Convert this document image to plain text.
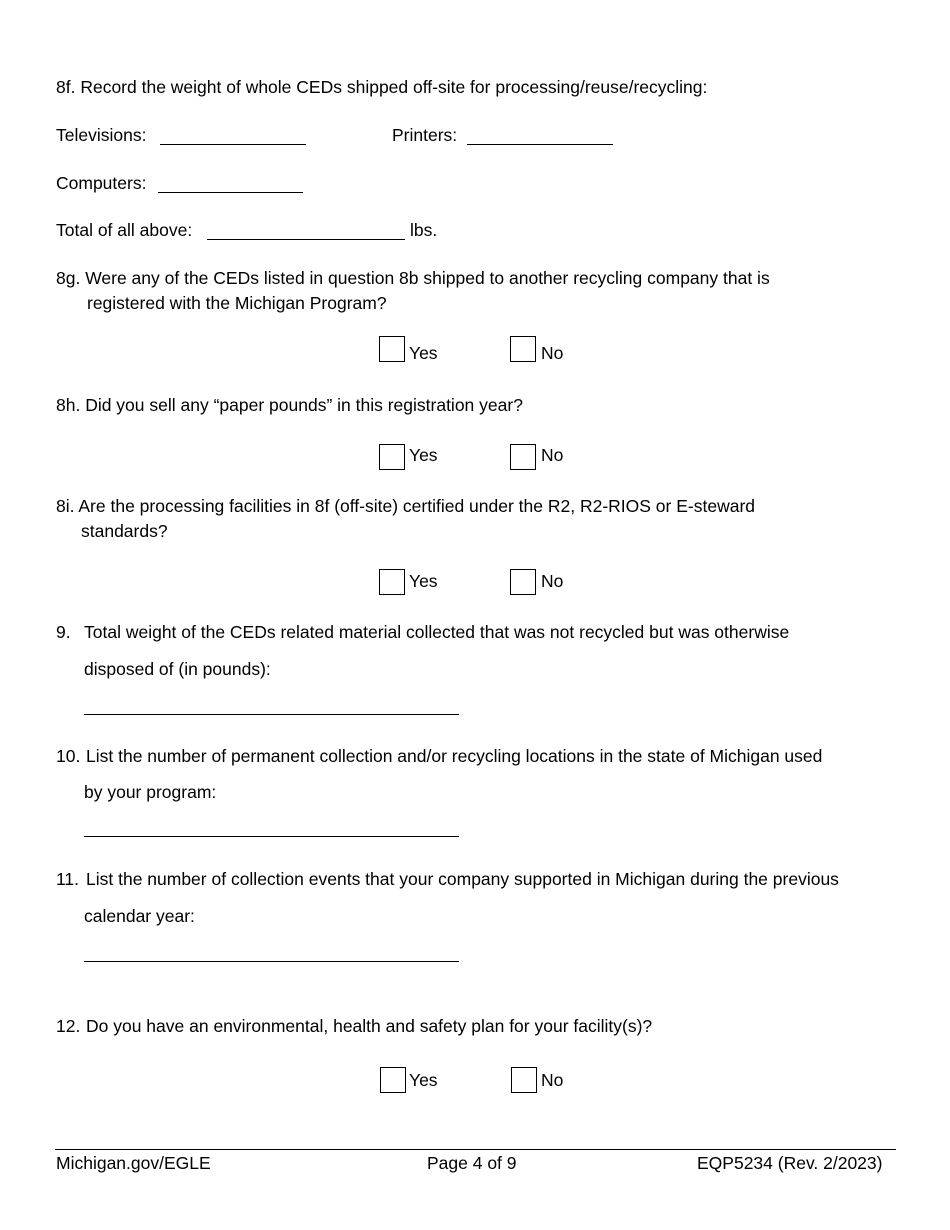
8f. Record the weight of whole CEDs shipped off-site for processing/reuse/recycling:
Televisions:	Printers:
Computers:
Total of all above:	lbs.
8g. Were any of the CEDs listed in question 8b shipped to another recycling company that is
registered with the Michigan Program?
Yes	No
8h. Did you sell any “paper pounds” in this registration year?
Yes	No
8i. Are the processing facilities in 8f (off-site) certified under the R2, R2-RIOS or E-steward
standards?
Yes	No
9. Total weight of the CEDs related material collected that was not recycled but was otherwise
disposed of (in pounds):
10. List the number of permanent collection and/or recycling locations in the state of Michigan used
by your program:
11. List the number of collection events that your company supported in Michigan during the previous
calendar year:
12. Do you have an environmental, health and safety plan for your facility(s)?
Yes	No
Michigan.gov/EGLE	Page 4 of 9	EQP5234 (Rev. 2/2023)
